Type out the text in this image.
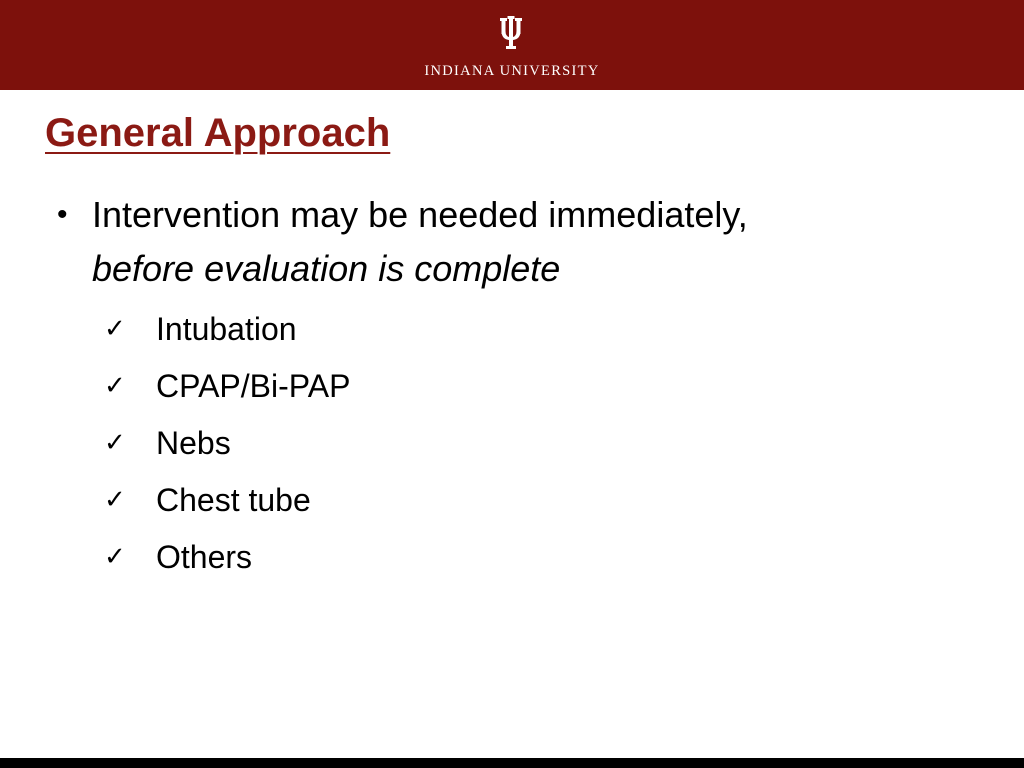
INDIANA UNIVERSITY
General Approach
• Intervention may be needed immediately,
before evaluation is complete
✓ Intubation
✓ CPAP/Bi-PAP
✓ Nebs
✓ Chest tube
✓ Others
